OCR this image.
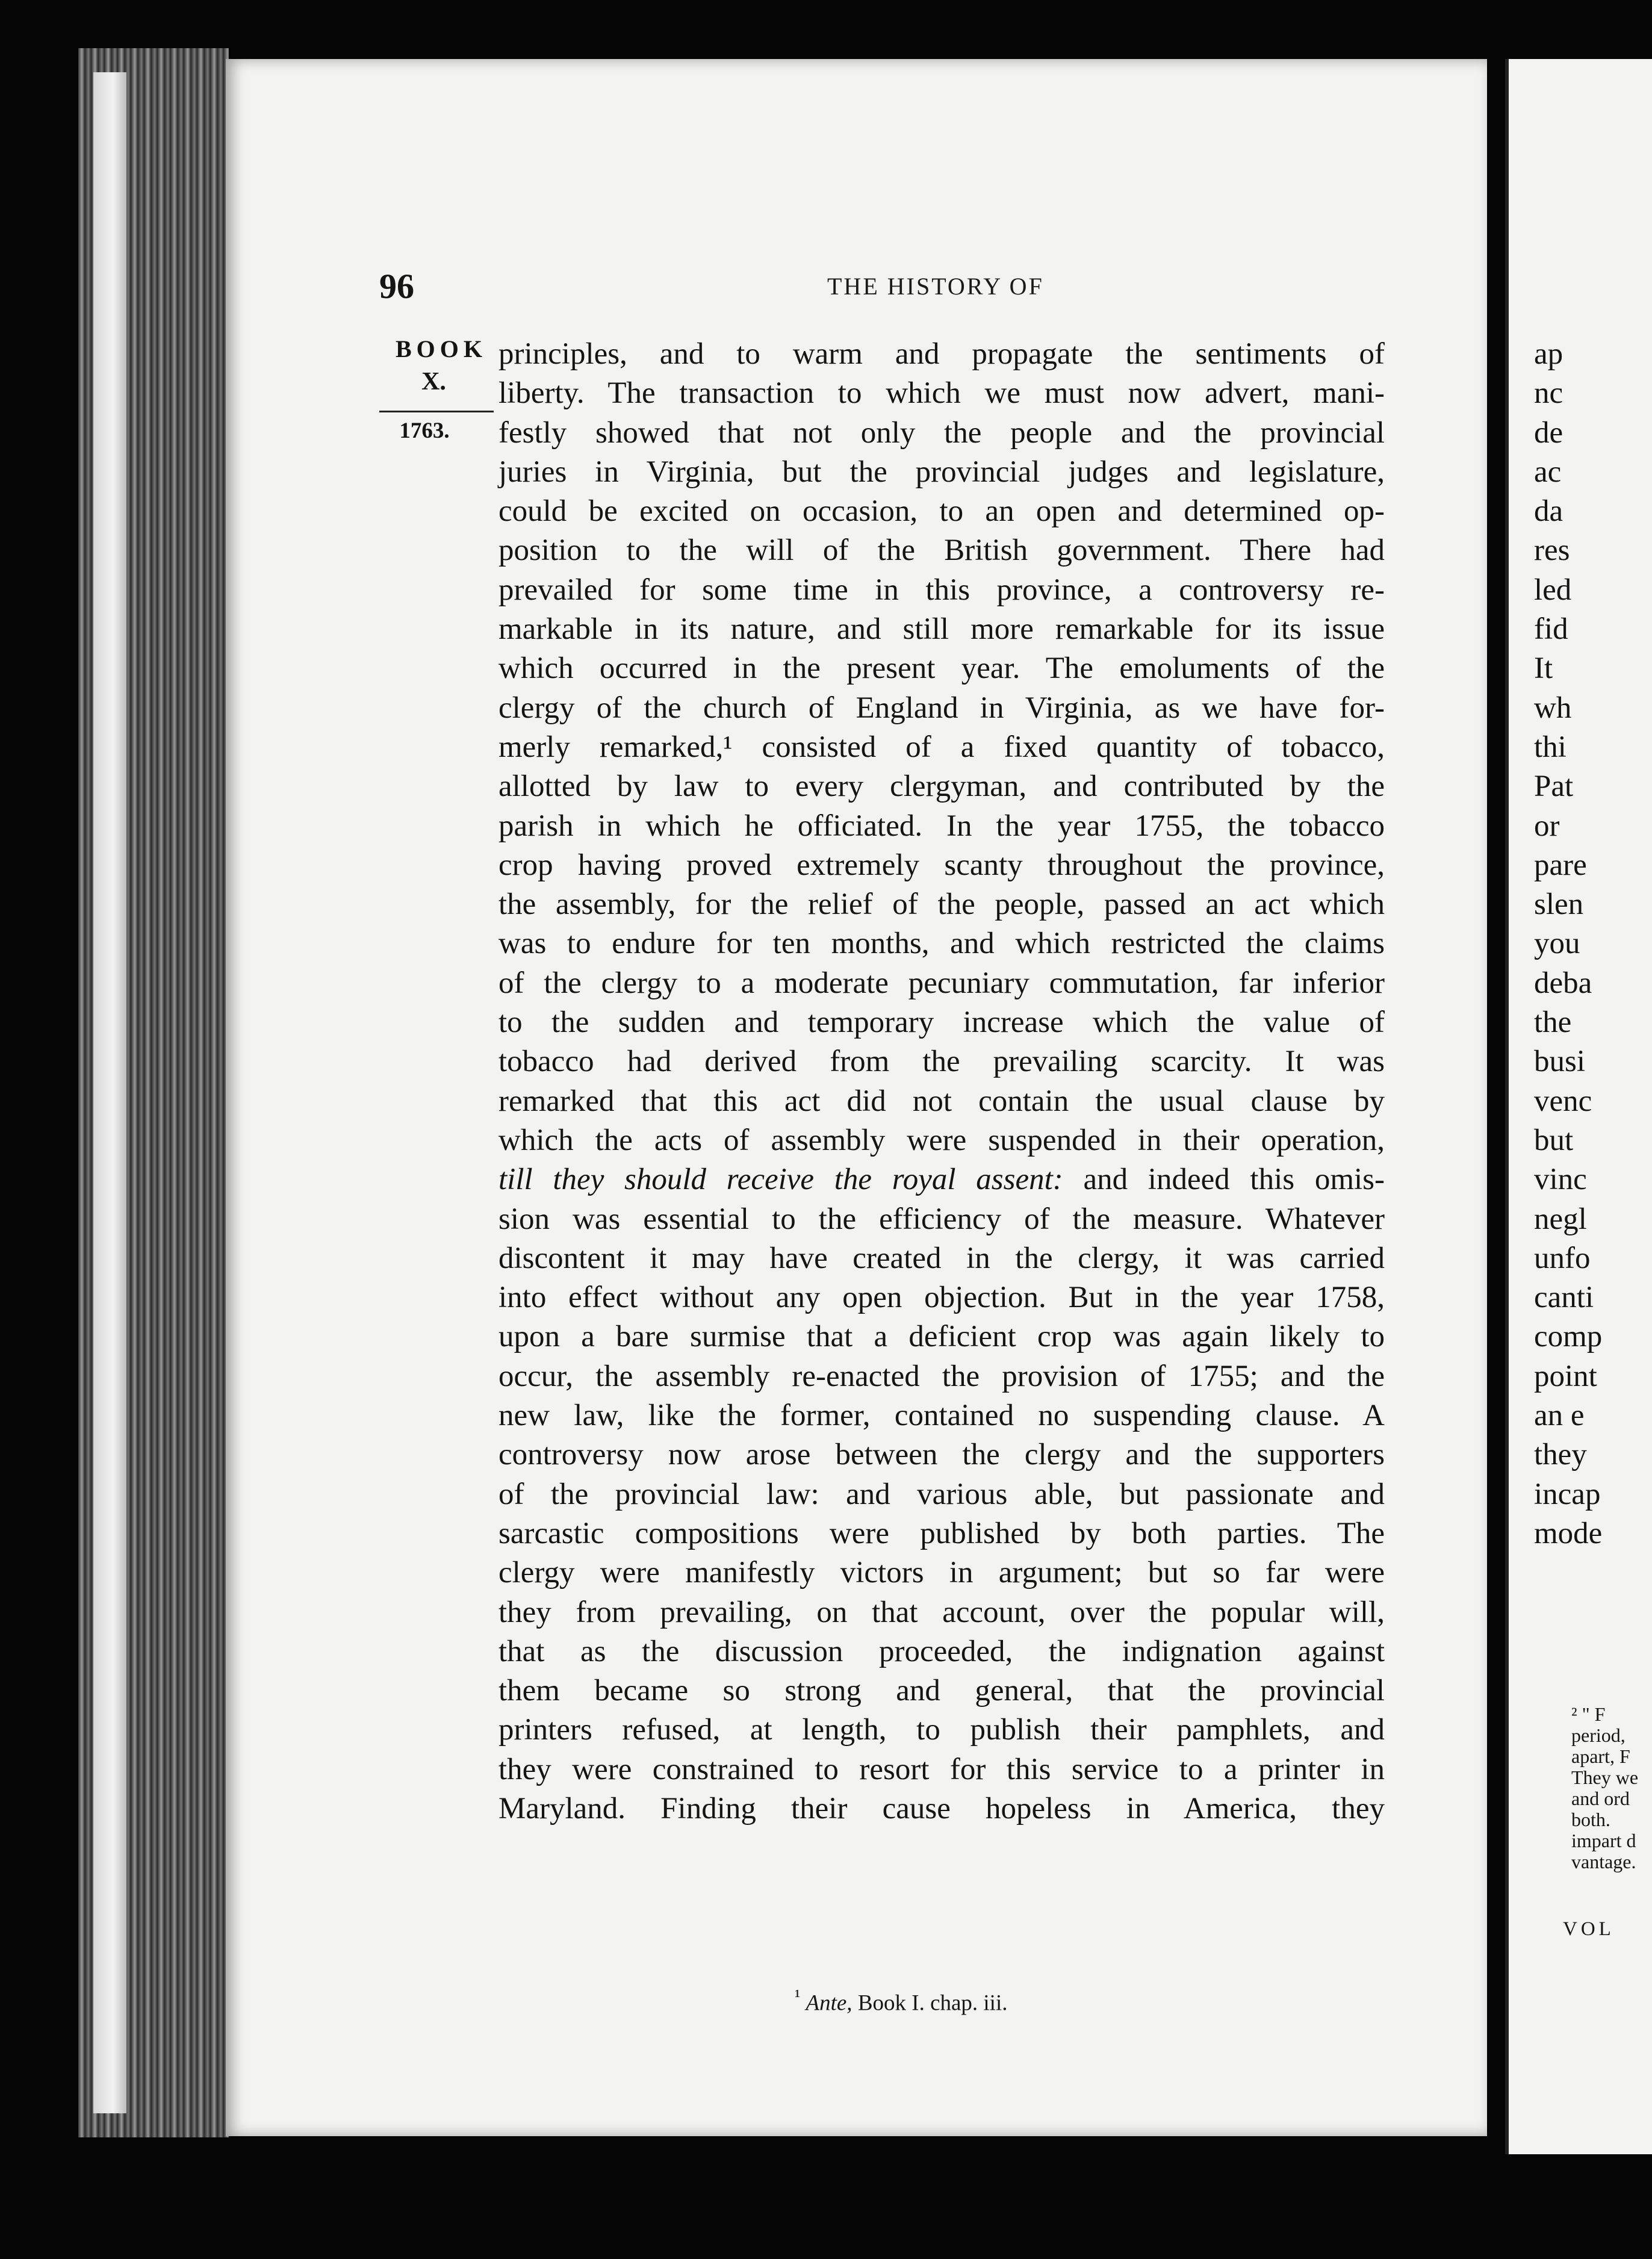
96	THE HISTORY OF
BOOK
X.
1763.
principles, and to warm and propagate the sentiments of
liberty. The transaction to which we must now advert, mani-
festly showed that not only the people and the provincial
juries in Virginia, but the provincial judges and legislature,
could be excited on occasion, to an open and determined op-
position to the will of the British government. There had
prevailed for some time in this province, a controversy re-
markable in its nature, and still more remarkable for its issue
which occurred in the present year. The emoluments of the
clergy of the church of England in Virginia, as we have for-
merly remarked,¹ consisted of a fixed quantity of tobacco,
allotted by law to every clergyman, and contributed by the
parish in which he officiated. In the year 1755, the tobacco
crop having proved extremely scanty throughout the province,
the assembly, for the relief of the people, passed an act which
was to endure for ten months, and which restricted the claims
of the clergy to a moderate pecuniary commutation, far inferior
to the sudden and temporary increase which the value of
tobacco had derived from the prevailing scarcity. It was
remarked that this act did not contain the usual clause by
which the acts of assembly were suspended in their operation,
till they should receive the royal assent: and indeed this omis-
sion was essential to the efficiency of the measure. Whatever
discontent it may have created in the clergy, it was carried
into effect without any open objection. But in the year 1758,
upon a bare surmise that a deficient crop was again likely to
occur, the assembly re-enacted the provision of 1755; and the
new law, like the former, contained no suspending clause. A
controversy now arose between the clergy and the supporters
of the provincial law: and various able, but passionate and
sarcastic compositions were published by both parties. The
clergy were manifestly victors in argument; but so far were
they from prevailing, on that account, over the popular will,
that as the discussion proceeded, the indignation against
them became so strong and general, that the provincial
printers refused, at length, to publish their pamphlets, and
they were constrained to resort for this service to a printer in
Maryland. Finding their cause hopeless in America, they
$^{^1}$ Ante, Book I. chap. iii.
ap
nc
de
ac
da
res
led
fid
It
wh
thi
Pat
or
pare
slen
you
deba
the
busi
venc
but
vinc
negl
unfo
canti
comp
point
an e
they
incap
mode
² " F
period,
apart, F
They we
and ord
both.
impart d
vantage.
VOL
